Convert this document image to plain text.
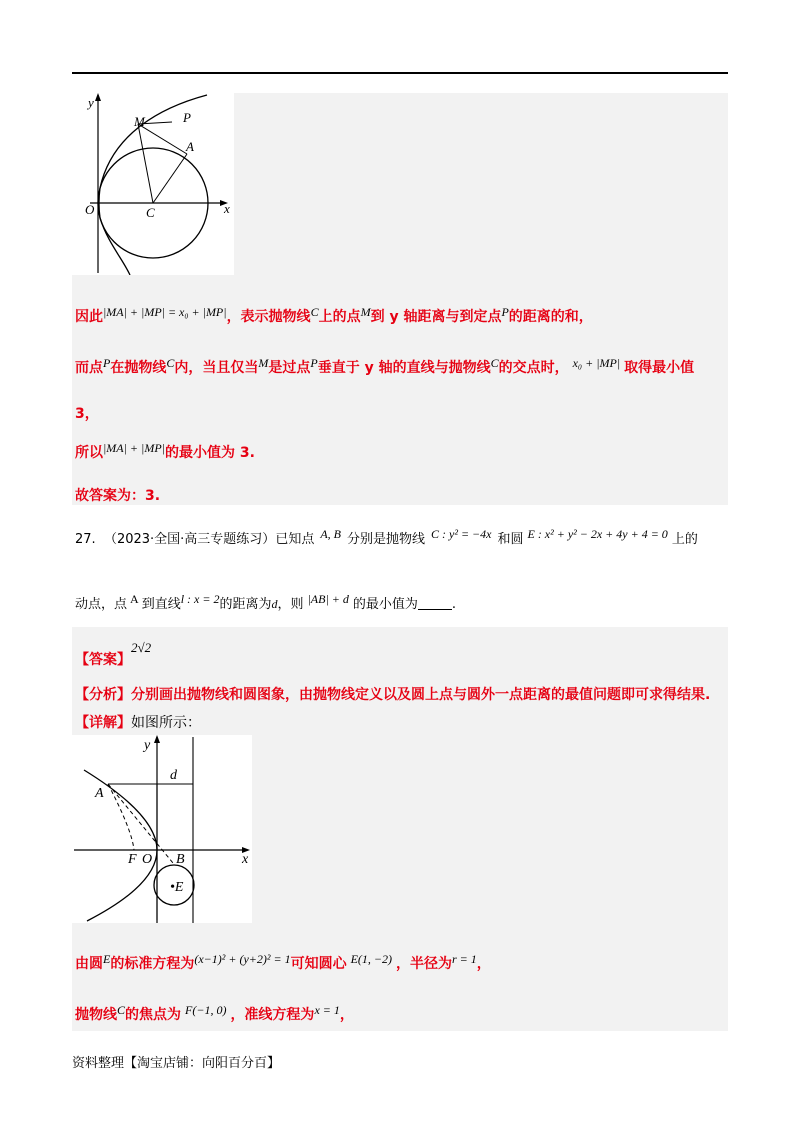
y
x
O	C
M	P
A
因此|MA| + |MP| = x₀ + |MP|，表示抛物线C上的点M到 y 轴距离与到定点P的距离的和，
而点P在抛物线C内，当且仅当M是过点P垂直于 y 轴的直线与抛物线C的交点时， x₀ + |MP| 取得最小值
3，
所以|MA| + |MP|的最小值为 3.
故答案为：3.
27. （2023·全国·高三专题练习）已知点 A, B 分别是抛物线 C : y² = −4x 和圆 E : x² + y² − 2x + 4y + 4 = 0 上的
动点，点 A 到直线l : x = 2的距离为d，则 |AB| + d 的最小值为	.
【答案】2√2
【分析】分别画出抛物线和圆图象，由抛物线定义以及圆上点与圆外一点距离的最值问题即可求得结果.
【详解】如图所示：
y
x
d
A
F O B
•E
由圆E的标准方程为(x−1)² + (y+2)² = 1可知圆心 E(1, −2) ，半径为r = 1，
抛物线C的焦点为 F(−1, 0) ，准线方程为x = 1，
资料整理【淘宝店铺：向阳百分百】
